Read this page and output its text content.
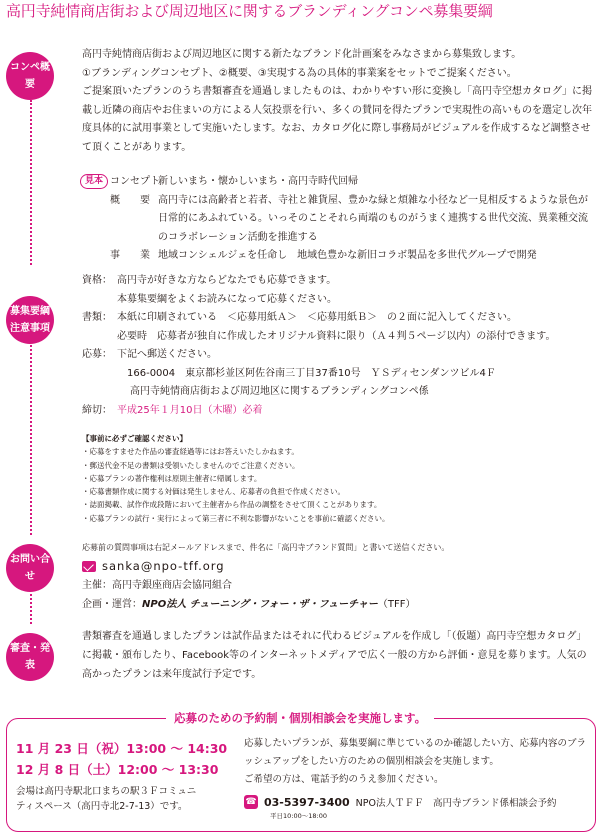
高円寺純情商店街および周辺地区に関するブランディングコンペ募集要綱
コンペ概要

高円寺純情商店街および周辺地区に関する新たなブランド化計画案をみなさまから募集致します。

①ブランディングコンセプト、②概要、③実現する為の具体的事業案をセットでご提案ください。

ご提案頂いたプランのうち書類審査を通過しましたものは、わかりやすい形に変換し「高円寺空想カタログ」に掲載し近隣の商店やお住まいの方による人気投票を行い、多くの賛同を得たプランで実現性の高いものを選定し次年度具体的に試用事業として実施いたします。なお、カタログ化に際し事務局がビジュアルを作成するなど調整させて頂くことがあります。

見本 コンセプト
新しいまち・懐かしいまち・高円寺時代回帰
概　　要 高円寺には高齢者と若者、寺社と雑貨屋、豊かな緑と煩雑な小径など一見相反するような景色が日常的にあふれている。いっそのことそれら両端のものがうまく連携する世代交流、異業種交流のコラボレーション活動を推進する
事　　業 地域コンシェルジェを任命し　地域色豊かな新旧コラボ製品を多世代グループで開発
募集要綱
注意事項
資格： 高円寺が好きな方ならどなたでも応募できます。
本募集要綱をよくお読みになって応募ください。
書類： 本紙に印刷されている　＜応募用紙Ａ＞　＜応募用紙Ｂ＞　の２面に記入してください。
必要時　応募者が独自に作成したオリジナル資料に限り（Ａ４判５ページ以内）の添付できます。
応募： 下記へ郵送ください。
166-0004　東京都杉並区阿佐谷南三丁目37番10号　ＹＳディセンダンツビル4Ｆ
高円寺純情商店街および周辺地区に関するブランディングコンペ係
締切： 平成25年１月10日（木曜）必着
【事前に必ずご確認ください】
・応募をすませた作品の審査経過等にはお答えいたしかねます。
・郵送代金不足の書類は受領いたしませんのでご注意ください。
・応募プランの著作権利は原則主催者に帰属します。
・応募書類作成に関する対価は発生しません、応募者の負担で作成ください。
・誌面掲載、試作作成段階において主催者から作品の調整をさせて頂くことがあります。
・応募プランの試行・実行によって第三者に不利な影響がないことを事前に確認ください。
お問い合せ
応募前の質問事項は右記メールアドレスまで、件名に「高円寺ブランド質問」と書いて送信ください。
sanka@npo-tff.org
主催：高円寺銀座商店会協同組合
企画・運営：NPO法人 チューニング・フォー・ザ・フューチャー（TFF）
審査・発表

書類審査を通過しましたプランは試作品またはそれに代わるビジュアルを作成し「（仮題）高円寺空想カタログ」に掲載・頒布したり、Facebook等のインターネットメディアで広く一般の方から評価・意見を募ります。人気の高かったプランは来年度試行予定です。

応募のための予約制・個別相談会を実施します。
11 月 23 日（祝）13:00 ～ 14:30
12 月 8 日（土）12:00 ～ 13:30
会場は高円寺駅北口まちの駅３Ｆコミュニ
ティスペース（高円寺北2-7-13）です。

応募したいプランが、募集要綱に準じているのか確認したい方、応募内容のブラッシュアップをしたい方のための個別相談会を実施します。

ご希望の方は、電話予約のうえ参加ください。

☎ 03-5397-3400 NPO法人ＴＦＦ　高円寺ブランド係相談会予約
平日10:00〜18:00
